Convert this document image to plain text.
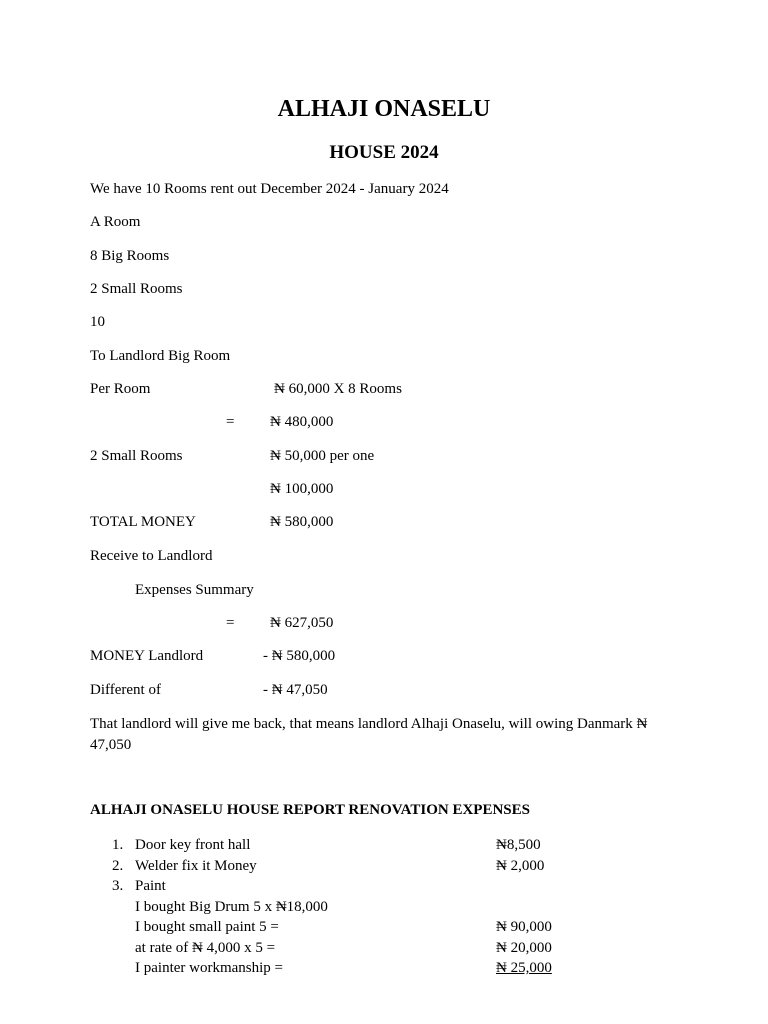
ALHAJI ONASELU
HOUSE 2024
We have 10 Rooms rent out December 2024 - January 2024
A Room
8 Big Rooms
2 Small Rooms
10
To Landlord Big Room
Per Room	₦ 60,000 X 8 Rooms
= ₦ 480,000
2 Small Rooms	₦ 50,000 per one
₦ 100,000
TOTAL MONEY	₦ 580,000
Receive to Landlord
Expenses Summary
= ₦ 627,050
MONEY Landlord	- ₦ 580,000
Different of	- ₦ 47,050
That landlord will give me back, that means landlord Alhaji Onaselu, will owing Danmark ₦
47,050
ALHAJI ONASELU HOUSE REPORT RENOVATION EXPENSES
1. Door key front hall	₦8,500
2. Welder fix it Money	₦ 2,000
3. Paint
I bought Big Drum 5 x ₦18,000
I bought small paint 5 =	₦ 90,000
at rate of ₦ 4,000 x 5 =	₦ 20,000
I painter workmanship =	₦ 25,000
